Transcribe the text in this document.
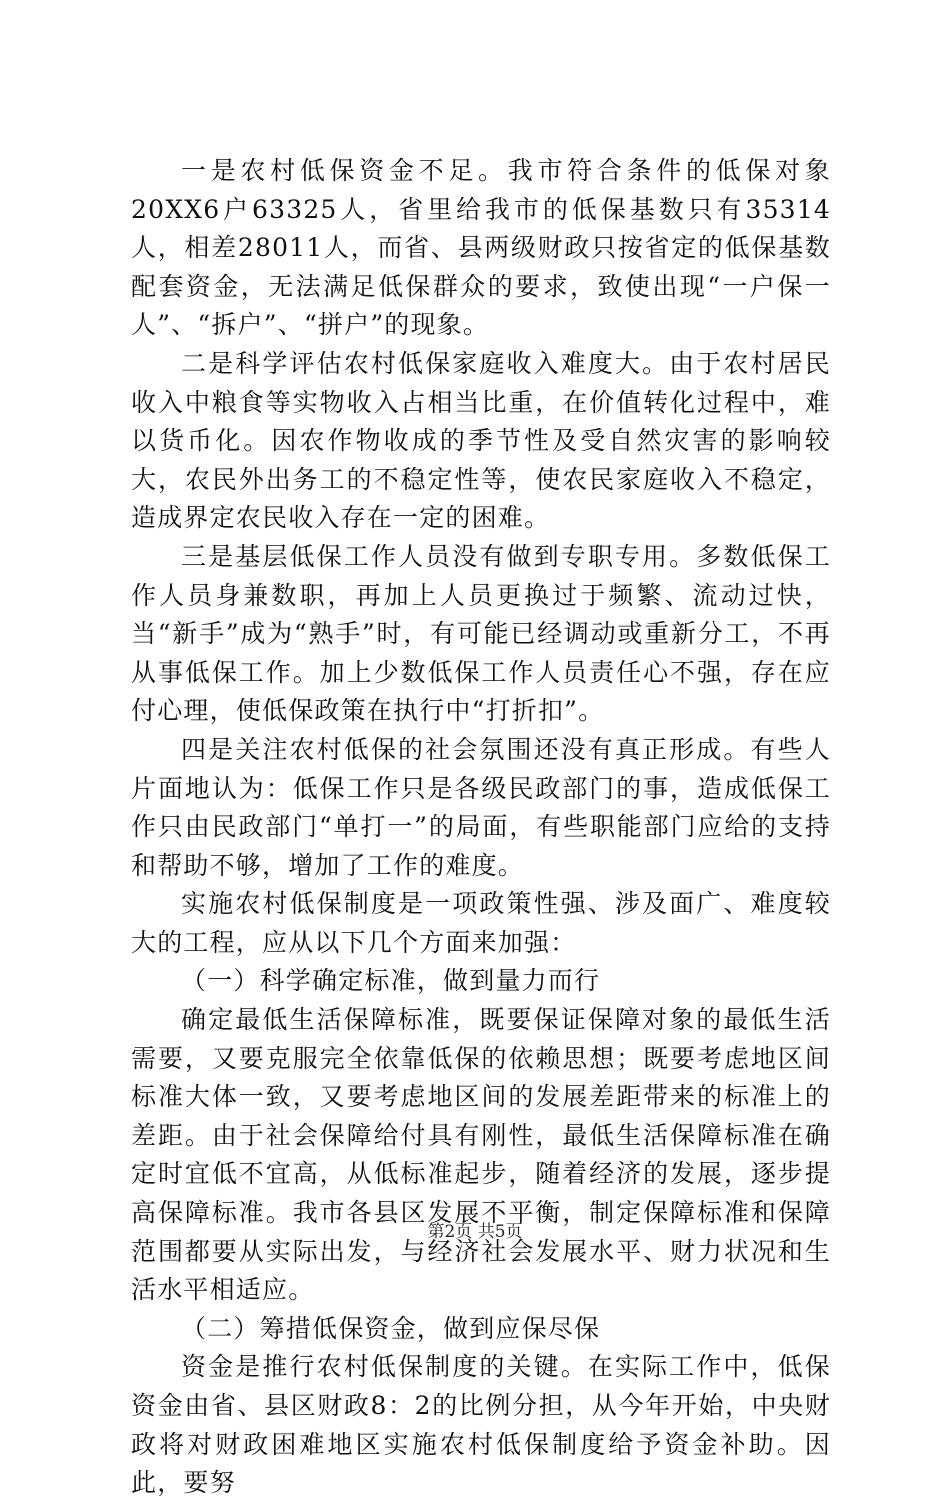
一是农村低保资金不足。我市符合条件的低保对象20XX6户63325人，省里给我市的低保基数只有35314人，相差28011人，而省、县两级财政只按省定的低保基数配套资金，无法满足低保群众的要求，致使出现“一户保一人”、“拆户”、“拼户”的现象。

二是科学评估农村低保家庭收入难度大。由于农村居民收入中粮食等实物收入占相当比重，在价值转化过程中，难以货币化。因农作物收成的季节性及受自然灾害的影响较大，农民外出务工的不稳定性等，使农民家庭收入不稳定，造成界定农民收入存在一定的困难。

三是基层低保工作人员没有做到专职专用。多数低保工作人员身兼数职，再加上人员更换过于频繁、流动过快，当“新手”成为“熟手”时，有可能已经调动或重新分工，不再从事低保工作。加上少数低保工作人员责任心不强，存在应付心理，使低保政策在执行中“打折扣”。

四是关注农村低保的社会氛围还没有真正形成。有些人片面地认为：低保工作只是各级民政部门的事，造成低保工作只由民政部门“单打一”的局面，有些职能部门应给的支持和帮助不够，增加了工作的难度。

实施农村低保制度是一项政策性强、涉及面广、难度较大的工程，应从以下几个方面来加强：

（一）科学确定标准，做到量力而行

确定最低生活保障标准，既要保证保障对象的最低生活需要，又要克服完全依靠低保的依赖思想；既要考虑地区间标准大体一致，又要考虑地区间的发展差距带来的标准上的差距。由于社会保障给付具有刚性，最低生活保障标准在确定时宜低不宜高，从低标准起步，随着经济的发展，逐步提高保障标准。我市各县区发展不平衡，制定保障标准和保障范围都要从实际出发，与经济社会发展水平、财力状况和生活水平相适应。

（二）筹措低保资金，做到应保尽保

资金是推行农村低保制度的关键。在实际工作中，低保资金由省、县区财政8：2的比例分担，从今年开始，中央财政将对财政困难地区实施农村低保制度给予资金补助。因此，要努

第2页 共5页
